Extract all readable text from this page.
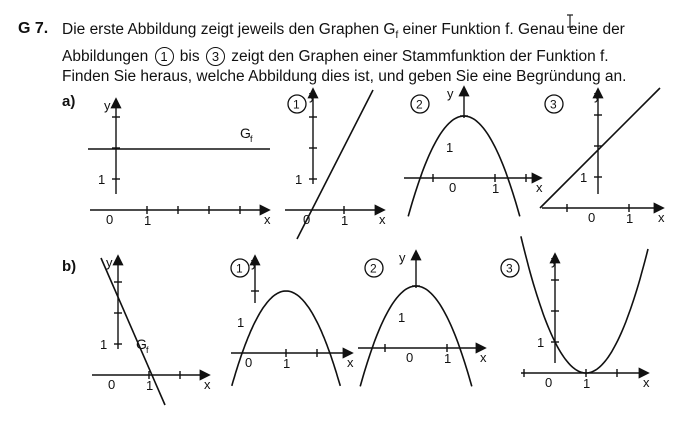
G 7. Die erste Abbildung zeigt jeweils den Graphen $G_f$ einer Funktion f. Genau eine der
Abbildungen 1 bis 3 zeigt den Graphen einer Stammfunktion der Funktion f.
Finden Sie heraus, welche Abbildung dies ist, und geben Sie eine Begründung an.
a)
b)
x
y
0 1
1
G f
x
y
0 1
1
1
x
y
0	1
1
2
x
y
0 1
1
3
x
y
0 1
1 G f
x
y
0 1
1
1
x
y
0 1
1
2
x
y
0 1
1
3
